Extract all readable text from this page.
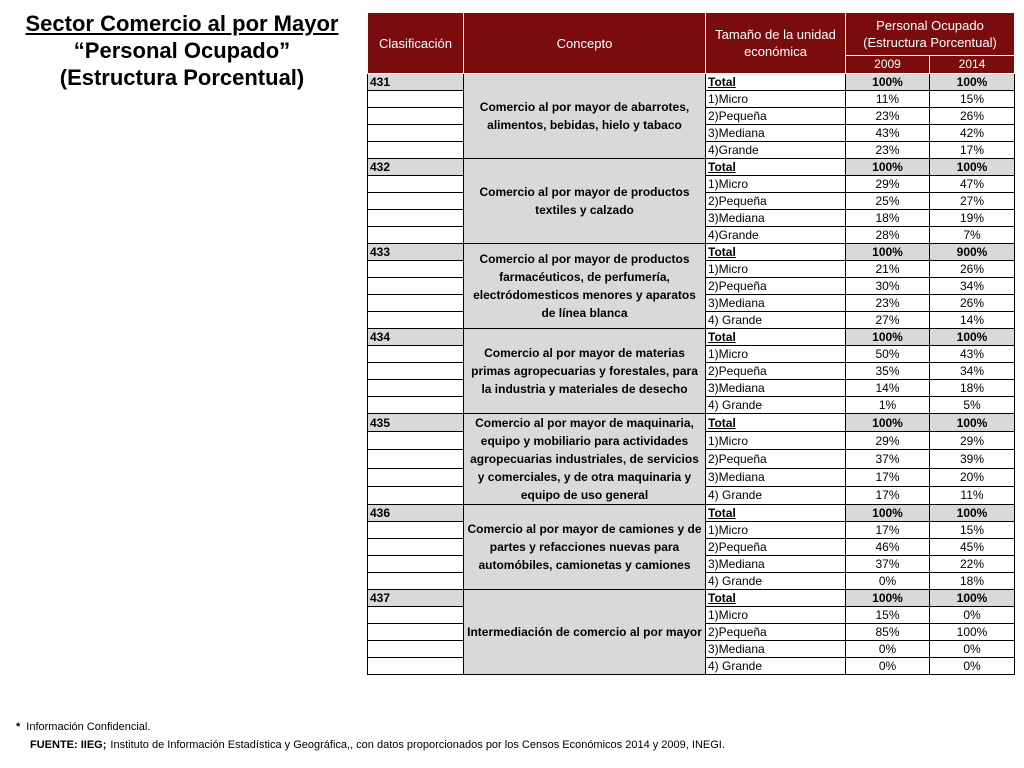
Sector Comercio al por Mayor
“Personal Ocupado”
(Estructura Porcentual)
Clasificación	Concepto	Tamaño de la unidad económica	Personal Ocupado (Estructura Porcentual)	
			2009	2014
431	Comercio al por mayor de abarrotes, alimentos, bebidas, hielo y tabaco	Total	100%	100%
		1)Micro	11%	15%
		2)Pequeña	23%	26%
		3)Mediana	43%	42%
		4)Grande	23%	17%
432	Comercio al por mayor de productos textiles y calzado	Total	100%	100%
		1)Micro	29%	47%
		2)Pequeña	25%	27%
		3)Mediana	18%	19%
		4)Grande	28%	7%
433	Comercio al por mayor de productos farmacéuticos, de perfumería, electródomesticos menores y aparatos de línea blanca	Total	100%	900%
		1)Micro	21%	26%
		2)Pequeña	30%	34%
		3)Mediana	23%	26%
		4) Grande	27%	14%
434	Comercio al por mayor de materias primas agropecuarias y forestales, para la industria y materiales de desecho	Total	100%	100%
		1)Micro	50%	43%
		2)Pequeña	35%	34%
		3)Mediana	14%	18%
		4) Grande	1%	5%
435	Comercio al por mayor de maquinaria, equipo y mobiliario para actividades agropecuarias industriales, de servicios y comerciales, y de otra maquinaria y equipo de uso general	Total	100%	100%
		1)Micro	29%	29%
		2)Pequeña	37%	39%
		3)Mediana	17%	20%
		4) Grande	17%	11%
436	Comercio al por mayor de camiones y de partes y refacciones nuevas para automóbiles, camionetas y camiones	Total	100%	100%
		1)Micro	17%	15%
		2)Pequeña	46%	45%
		3)Mediana	37%	22%
		4) Grande	0%	18%
437	Intermediación de comercio al por mayor	Total	100%	100%
		1)Micro	15%	0%
		2)Pequeña	85%	100%
		3)Mediana	0%	0%
		4) Grande	0%	0%
* Información Confidencial.
FUENTE: IIEG; Instituto de Información Estadística y Geográfica,, con datos proporcionados por los Censos Económicos 2014 y 2009, INEGI.
